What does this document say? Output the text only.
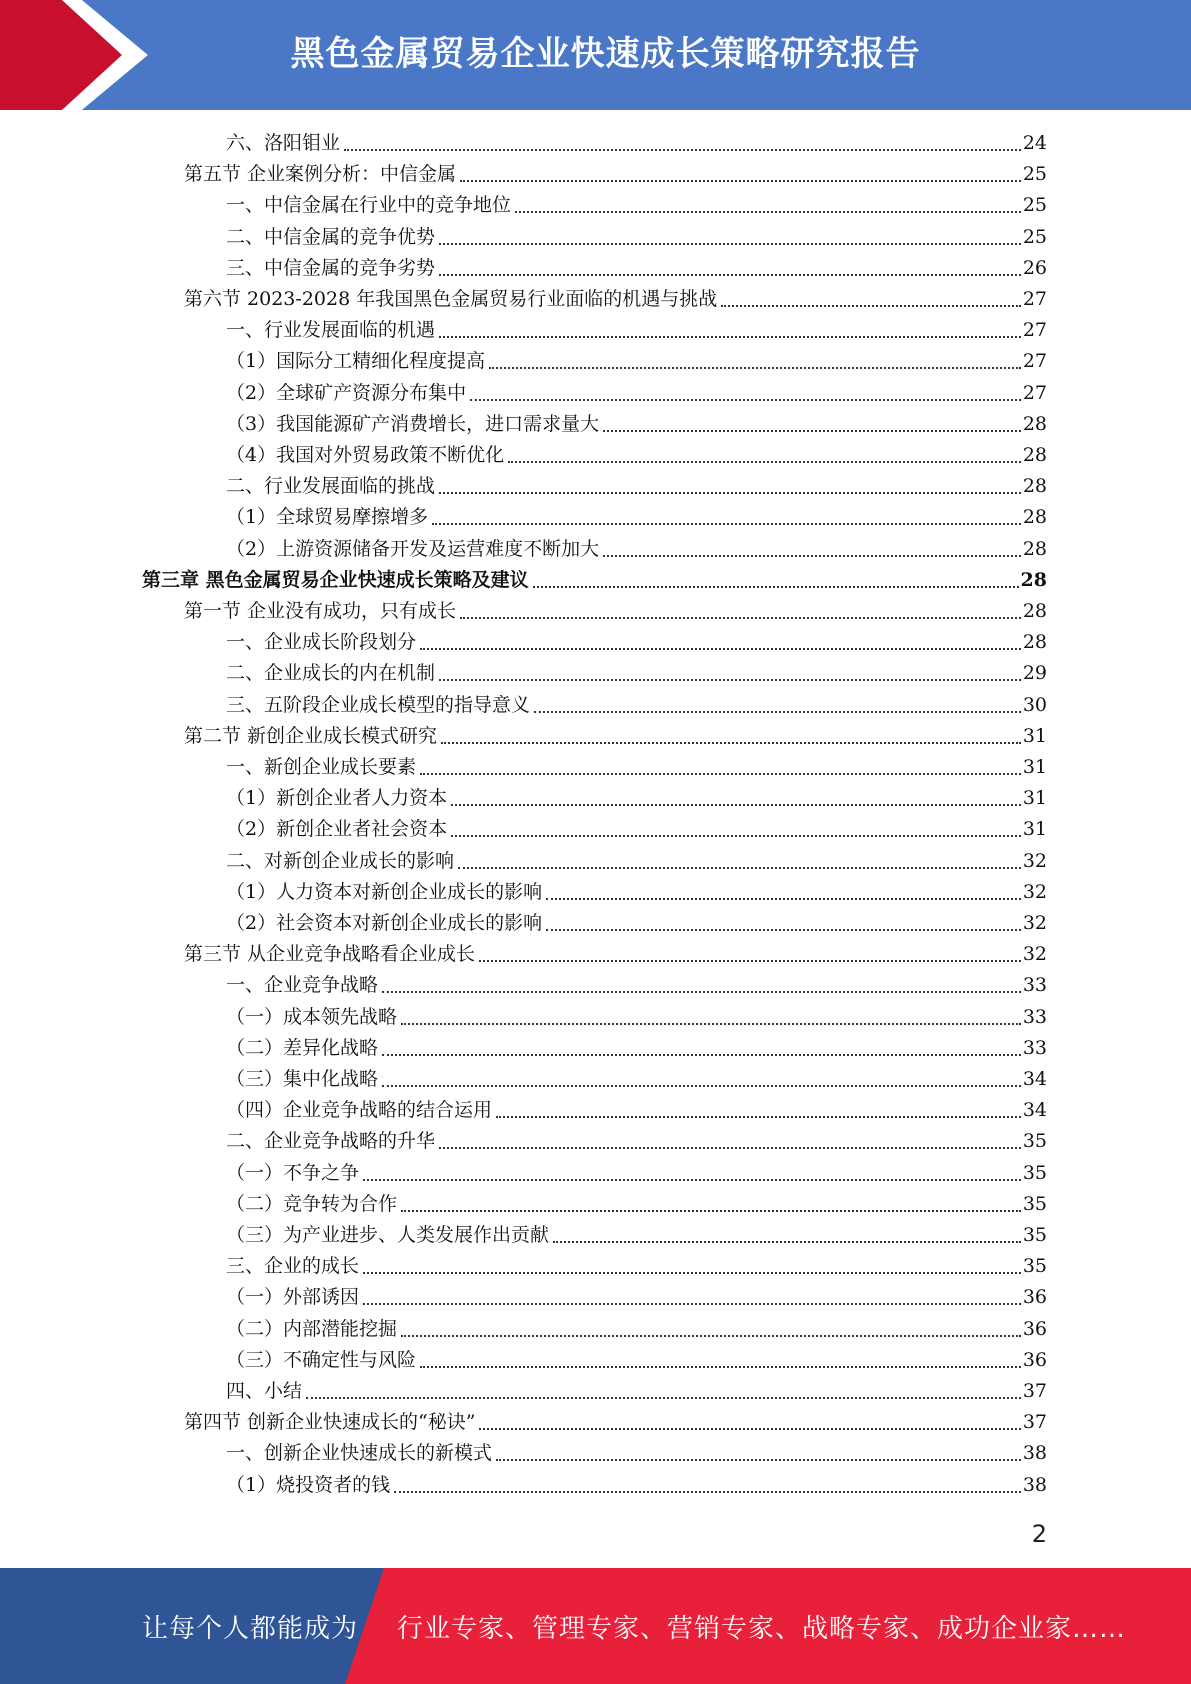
黑色金属贸易企业快速成长策略研究报告
六、洛阳钼业	24
第五节 企业案例分析：中信金属	25
一、中信金属在行业中的竞争地位	25
二、中信金属的竞争优势	25
三、中信金属的竞争劣势	26
第六节 2023-2028 年我国黑色金属贸易行业面临的机遇与挑战	27
一、行业发展面临的机遇	27
（1）国际分工精细化程度提高	27
（2）全球矿产资源分布集中	27
（3）我国能源矿产消费增长，进口需求量大	28
（4）我国对外贸易政策不断优化	28
二、行业发展面临的挑战	28
（1）全球贸易摩擦增多	28
（2）上游资源储备开发及运营难度不断加大	28
第三章 黑色金属贸易企业快速成长策略及建议	28
第一节 企业没有成功，只有成长	28
一、企业成长阶段划分	28
二、企业成长的内在机制	29
三、五阶段企业成长模型的指导意义	30
第二节 新创企业成长模式研究	31
一、新创企业成长要素	31
（1）新创企业者人力资本	31
（2）新创企业者社会资本	31
二、对新创企业成长的影响	32
（1）人力资本对新创企业成长的影响	32
（2）社会资本对新创企业成长的影响	32
第三节 从企业竞争战略看企业成长	32
一、企业竞争战略	33
（一）成本领先战略	33
（二）差异化战略	33
（三）集中化战略	34
（四）企业竞争战略的结合运用	34
二、企业竞争战略的升华	35
（一）不争之争	35
（二）竞争转为合作	35
（三）为产业进步、人类发展作出贡献	35
三、企业的成长	35
（一）外部诱因	36
（二）内部潜能挖掘	36
（三）不确定性与风险	36
四、小结	37
第四节 创新企业快速成长的“秘诀”	37
一、创新企业快速成长的新模式	38
（1）烧投资者的钱	38
2
让每个人都能成为 行业专家、管理专家、营销专家、战略专家、成功企业家……
